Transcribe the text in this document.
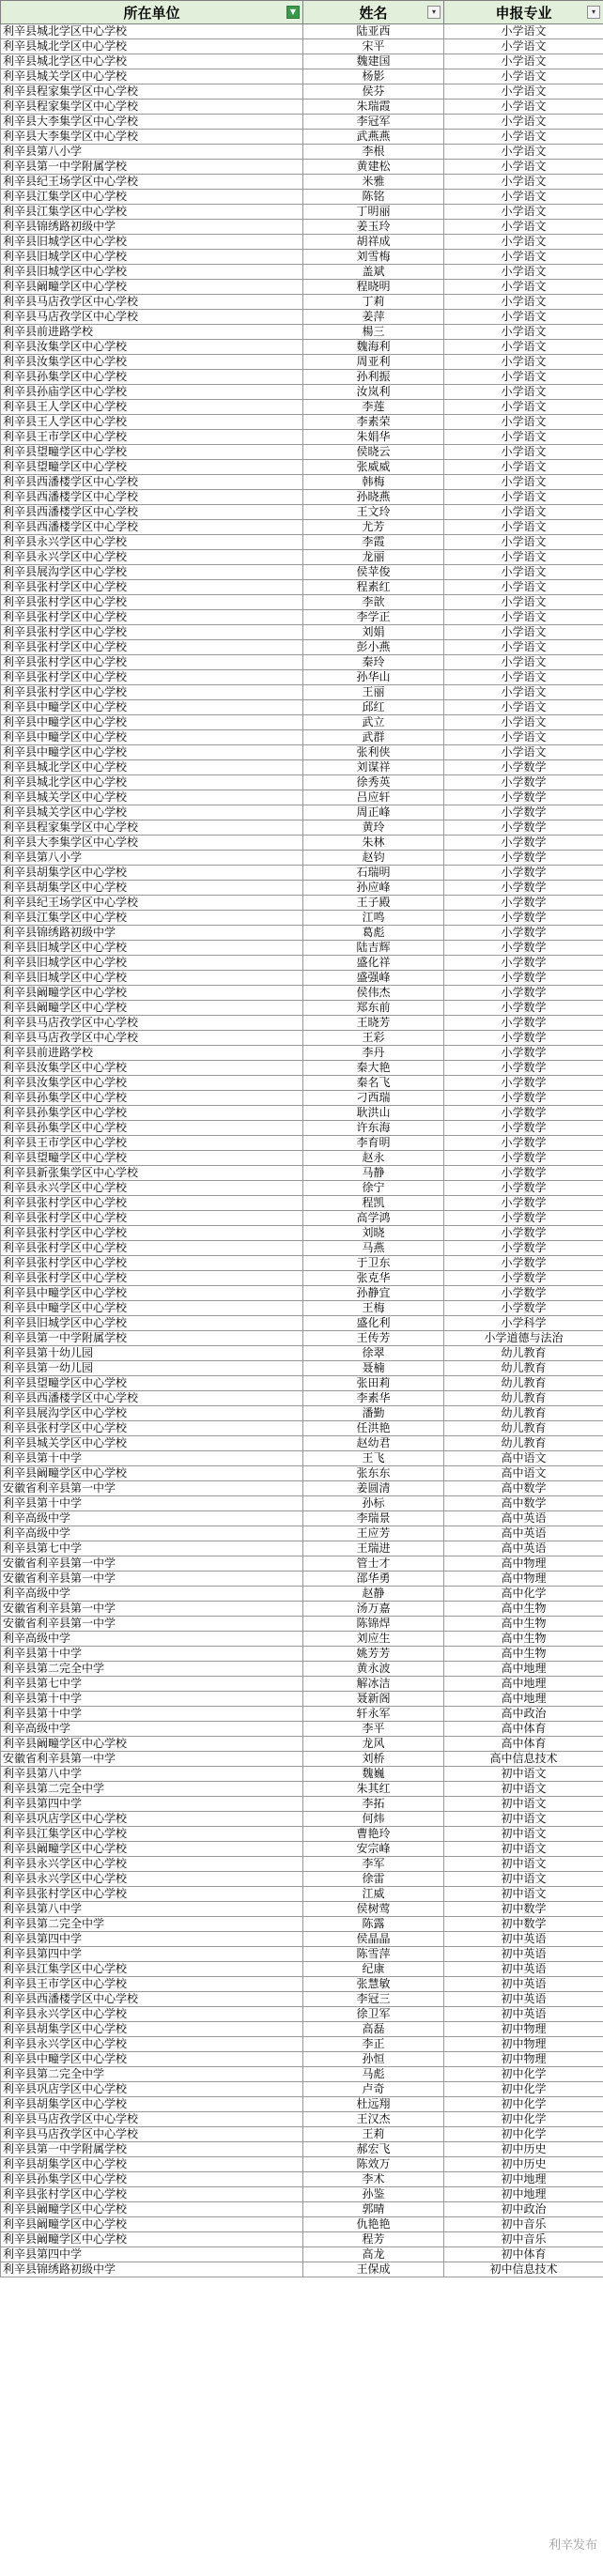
所在单位 ▼	姓名 ▾	申报专业 ▾

利辛县城北学区中心学校	陆亚西	小学语文
利辛县城北学区中心学校	宋平	小学语文
利辛县城北学区中心学校	魏建国	小学语文
利辛县城关学区中心学校	杨影	小学语文
利辛县程家集学区中心学校	侯芬	小学语文
利辛县程家集学区中心学校	朱瑞霞	小学语文
利辛县大李集学区中心学校	李冠军	小学语文
利辛县大李集学区中心学校	武燕燕	小学语文
利辛县第八小学	李根	小学语文
利辛县第一中学附属学校	黄建松	小学语文
利辛县纪王场学区中心学校	米雅	小学语文
利辛县江集学区中心学校	陈铭	小学语文
利辛县江集学区中心学校	丁明丽	小学语文
利辛县锦绣路初级中学	姜玉玲	小学语文
利辛县旧城学区中心学校	胡祥成	小学语文
利辛县旧城学区中心学校	刘雪梅	小学语文
利辛县旧城学区中心学校	盖斌	小学语文
利辛县阚疃学区中心学校	程晓明	小学语文
利辛县马店孜学区中心学校	丁莉	小学语文
利辛县马店孜学区中心学校	姜萍	小学语文
利辛县前进路学校	楊三	小学语文
利辛县汝集学区中心学校	魏海利	小学语文
利辛县汝集学区中心学校	周亚利	小学语文
利辛县孙集学区中心学校	孙利振	小学语文
利辛县孙庙学区中心学校	汝岚利	小学语文
利辛县王人学区中心学校	李莲	小学语文
利辛县王人学区中心学校	李素荣	小学语文
利辛县王市学区中心学校	朱娟华	小学语文
利辛县望疃学区中心学校	侯晓云	小学语文
利辛县望疃学区中心学校	张威威	小学语文
利辛县西潘楼学区中心学校	韩梅	小学语文
利辛县西潘楼学区中心学校	孙晓燕	小学语文
利辛县西潘楼学区中心学校	王文玲	小学语文
利辛县西潘楼学区中心学校	尤芳	小学语文
利辛县永兴学区中心学校	李霞	小学语文
利辛县永兴学区中心学校	龙丽	小学语文
利辛县展沟学区中心学校	侯苹俊	小学语文
利辛县张村学区中心学校	程素红	小学语文
利辛县张村学区中心学校	李歆	小学语文
利辛县张村学区中心学校	李学正	小学语文
利辛县张村学区中心学校	刘娟	小学语文
利辛县张村学区中心学校	彭小燕	小学语文
利辛县张村学区中心学校	秦玲	小学语文
利辛县张村学区中心学校	孙华山	小学语文
利辛县张村学区中心学校	王丽	小学语文
利辛县中疃学区中心学校	邱红	小学语文
利辛县中疃学区中心学校	武立	小学语文
利辛县中疃学区中心学校	武群	小学语文
利辛县中疃学区中心学校	张利侠	小学语文
利辛县城北学区中心学校	刘谋祥	小学数学
利辛县城北学区中心学校	徐秀英	小学数学
利辛县城关学区中心学校	吕应轩	小学数学
利辛县城关学区中心学校	周正峰	小学数学
利辛县程家集学区中心学校	黄玲	小学数学
利辛县大李集学区中心学校	朱林	小学数学
利辛县第八小学	赵钧	小学数学
利辛县胡集学区中心学校	石瑞明	小学数学
利辛县胡集学区中心学校	孙应峰	小学数学
利辛县纪王场学区中心学校	王子殿	小学数学
利辛县江集学区中心学校	江鸣	小学数学
利辛县锦绣路初级中学	葛彪	小学数学
利辛县旧城学区中心学校	陆吉辉	小学数学
利辛县旧城学区中心学校	盛化祥	小学数学
利辛县旧城学区中心学校	盛强峰	小学数学
利辛县阚疃学区中心学校	侯伟杰	小学数学
利辛县阚疃学区中心学校	郑东前	小学数学
利辛县马店孜学区中心学校	王晓芳	小学数学
利辛县马店孜学区中心学校	王彩	小学数学
利辛县前进路学校	李丹	小学数学
利辛县汝集学区中心学校	秦大艳	小学数学
利辛县汝集学区中心学校	秦名飞	小学数学
利辛县孙集学区中心学校	刁西瑞	小学数学
利辛县孙集学区中心学校	耿洪山	小学数学
利辛县孙集学区中心学校	许东海	小学数学
利辛县王市学区中心学校	李育明	小学数学
利辛县望疃学区中心学校	赵永	小学数学
利辛县新张集学区中心学校	马静	小学数学
利辛县永兴学区中心学校	徐宁	小学数学
利辛县张村学区中心学校	程凯	小学数学
利辛县张村学区中心学校	高学鸿	小学数学
利辛县张村学区中心学校	刘晓	小学数学
利辛县张村学区中心学校	马燕	小学数学
利辛县张村学区中心学校	于卫东	小学数学
利辛县张村学区中心学校	张克华	小学数学
利辛县中疃学区中心学校	孙静宜	小学数学
利辛县中疃学区中心学校	王梅	小学数学
利辛县旧城学区中心学校	盛化利	小学科学
利辛县第一中学附属学校	王传芳	小学道德与法治
利辛县第十幼儿园	徐翠	幼儿教育
利辛县第一幼儿园	聂楠	幼儿教育
利辛县望疃学区中心学校	张田莉	幼儿教育
利辛县西潘楼学区中心学校	李素华	幼儿教育
利辛县展沟学区中心学校	潘勤	幼儿教育
利辛县张村学区中心学校	任洪艳	幼儿教育
利辛县城关学区中心学校	赵幼君	幼儿教育
利辛县第十中学	王飞	高中语文
利辛县阚疃学区中心学校	张东东	高中语文
安徽省利辛县第一中学	姜圆清	高中数学
利辛县第十中学	孙标	高中数学
利辛高级中学	李瑞景	高中英语
利辛高级中学	王应芳	高中英语
利辛县第七中学	王瑞进	高中英语
安徽省利辛县第一中学	管士才	高中物理
安徽省利辛县第一中学	邵华勇	高中物理
利辛高级中学	赵静	高中化学
安徽省利辛县第一中学	汤万嘉	高中生物
安徽省利辛县第一中学	陈锦焊	高中生物
利辛高级中学	刘应生	高中生物
利辛县第十中学	姚芳芳	高中生物
利辛县第二完全中学	黄永波	高中地理
利辛县第七中学	解冰洁	高中地理
利辛县第十中学	聂新阁	高中地理
利辛县第十中学	轩永军	高中政治
利辛高级中学	李平	高中体育
利辛县阚疃学区中心学校	龙风	高中体育
安徽省利辛县第一中学	刘桥	高中信息技术
利辛县第八中学	魏巍	初中语文
利辛县第二完全中学	朱其红	初中语文
利辛县第四中学	李拓	初中语文
利辛县巩店学区中心学校	何炜	初中语文
利辛县江集学区中心学校	曹艳玲	初中语文
利辛县阚疃学区中心学校	安宗峰	初中语文
利辛县永兴学区中心学校	李军	初中语文
利辛县永兴学区中心学校	徐雷	初中语文
利辛县张村学区中心学校	江威	初中语文
利辛县第八中学	侯树莺	初中数学
利辛县第二完全中学	陈露	初中数学
利辛县第四中学	侯晶晶	初中英语
利辛县第四中学	陈雪萍	初中英语
利辛县江集学区中心学校	纪康	初中英语
利辛县王市学区中心学校	张慧敏	初中英语
利辛县西潘楼学区中心学校	李冠三	初中英语
利辛县永兴学区中心学校	徐卫军	初中英语
利辛县胡集学区中心学校	高磊	初中物理
利辛县永兴学区中心学校	李正	初中物理
利辛县中疃学区中心学校	孙恒	初中物理
利辛县第二完全中学	马彪	初中化学
利辛县巩店学区中心学校	卢奇	初中化学
利辛县胡集学区中心学校	杜远翔	初中化学
利辛县马店孜学区中心学校	王汉杰	初中化学
利辛县马店孜学区中心学校	王莉	初中化学
利辛县第一中学附属学校	郝宏飞	初中历史
利辛县胡集学区中心学校	陈效万	初中历史
利辛县孙集学区中心学校	李术	初中地理
利辛县张村学区中心学校	孙鉴	初中地理
利辛县阚疃学区中心学校	郭晴	初中政治
利辛县阚疃学区中心学校	仇艳艳	初中音乐
利辛县阚疃学区中心学校	程芳	初中音乐
利辛县第四中学	高龙	初中体育
利辛县锦绣路初级中学	王保成	初中信息技术
利辛发布
